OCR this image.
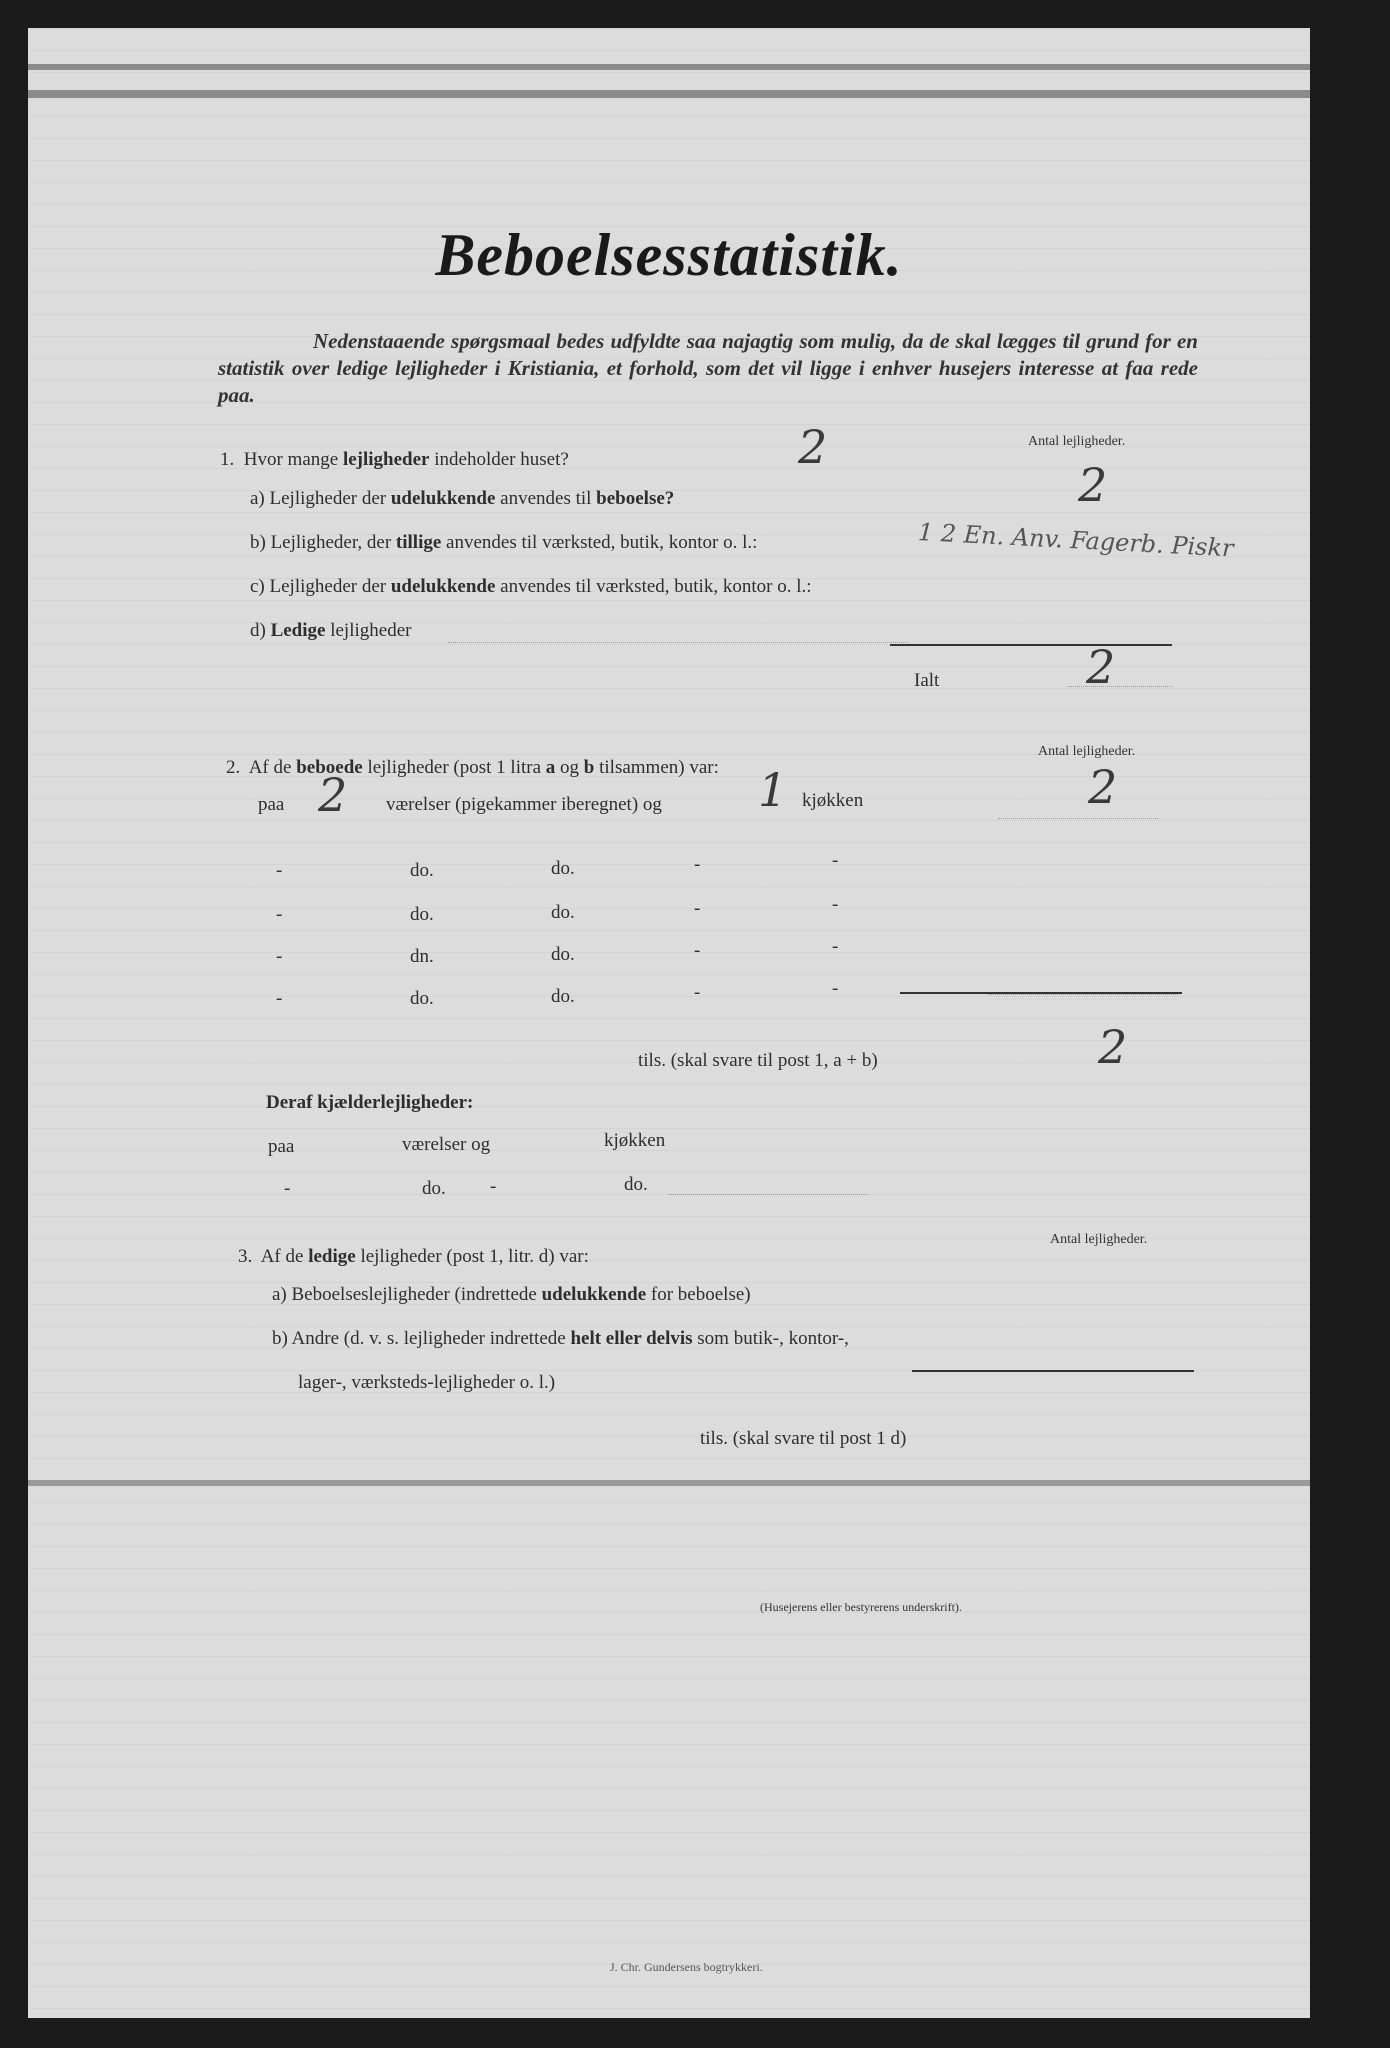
Beboelsesstatistik.
Nedenstaaende spørgsmaal bedes udfyldte saa najagtig som mulig, da de skal lægges til grund for en statistik over ledige lejligheder i Kristiania, et forhold, som det vil ligge i enhver husejers interesse at faa rede paa.
Antal lejligheder.
1. Hvor mange lejligheder indeholder huset?	2
a) Lejligheder der udelukkende anvendes til beboelse?	2
b) Lejligheder, der tillige anvendes til værksted, butik, kontor o. l.:	1 2 En. Anv. Fagerb. Piskr
c) Lejligheder der udelukkende anvendes til værksted, butik, kontor o. l.:
d) Ledige lejligheder
Ialt	2
Antal lejligheder.
2. Af de beboede lejligheder (post 1 litra a og b tilsammen) var:
paa 2 værelser (pigekammer iberegnet) og 1 kjøkken	2
-	do.	do.	-	-
-	do.	do.	-	-
-	dn.	do.	-	-
-	do.	do.	-	-
tils. (skal svare til post 1, a + b)	2
Deraf kjælderlejligheder:
paa	værelser og	kjøkken
-	do. -	do.
Antal lejligheder.
3. Af de ledige lejligheder (post 1, litr. d) var:
a) Beboelseslejligheder (indrettede udelukkende for beboelse)
b) Andre (d. v. s. lejligheder indrettede helt eller delvis som butik-, kontor-,
lager-, værksteds-lejligheder o. l.)
tils. (skal svare til post 1 d)
(Husejerens eller bestyrerens underskrift).
J. Chr. Gundersens bogtrykkeri.
